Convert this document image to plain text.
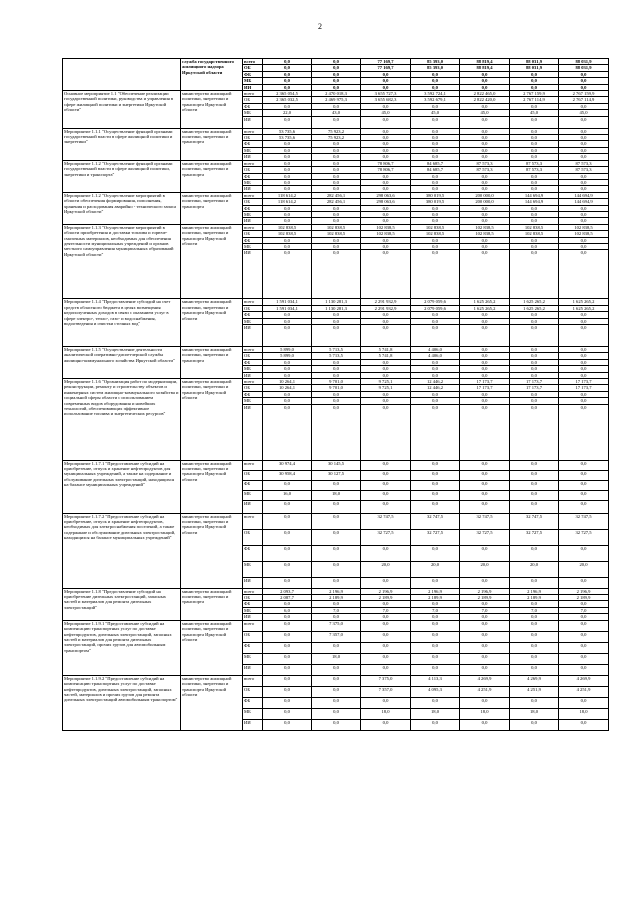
2
	служба государственного жилищного надзора Иркутской области	всего	0,0	0,0	77 169,7	85 393,0	88 819,4	88 031,9	88 031,9
		ОБ	0,0	0,0	77 169,7	85 393,0	88 819,4	88 031,9	88 031,9
		ФБ	0,0	0,0	0,0	0,0	0,0	0,0	0,0
		МБ	0,0	0,0	0,0	0,0	0,0	0,0	0,0
		ИИ	0,0	0,0	0,0	0,0	0,0	0,0	0,0
Основное мероприятие 1.1 "Обеспечение реализации государственной политики, руководства и управления в сфере жилищной политики и энергетики Иркутской области"	министерство жилищной политики, энергетики и транспорта Иркутской области	всего	2 365 054,5	2 470 018,3	3 655 727,3	3 592 724,1	2 822 465,0	2 767 159,9	2 767 159,9
		ОБ	2 365 032,5	2 469 975,3	3 655 682,3	3 592 679,1	2 822 420,0	2 767 114,9	2 767 114,9
		ФБ	0,0	0,0	0,0	0,0	0,0	0,0	0,0
		МБ	22,0	43,0	45,0	45,0	45,0	45,0	45,0
		ИИ	0,0	0,0	0,0	0,0	0,0	0,0	0,0
Мероприятие 1.1.1 "Осуществление функций органами государственной власти в сфере жилищной политики и энергетики"	министерство жилищной политики, энергетики и транспорта	всего	53 735,6	75 923,2	0,0	0,0	0,0	0,0	0,0
		ОБ	53 735,6	75 923,2	0,0	0,0	0,0	0,0	0,0
		ФБ	0,0	0,0	0,0	0,0	0,0	0,0	0,0
		МБ	0,0	0,0	0,0	0,0	0,0	0,0	0,0
		ИИ	0,0	0,0	0,0	0,0	0,0	0,0	0,0
Мероприятие 1.1.2 "Осуществление функций органами государственной власти в сфере жилищной политики, энергетики и транспорта"	министерство жилищной политики, энергетики и транспорта	всего	0,0	0,0	78 806,7	84 685,7	87 573,3	87 573,3	87 573,3
		ОБ	0,0	0,0	78 806,7	84 685,7	87 573,3	87 573,3	87 573,3
		ФБ	0,0	0,0	0,0	0,0	0,0	0,0	0,0
		МБ	0,0	0,0	0,0	0,0	0,0	0,0	0,0
		ИИ	0,0	0,0	0,0	0,0	0,0	0,0	0,0
Мероприятие 1.1.2 "Осуществление мероприятий в области обеспечения формирования, пополнения, хранения и расходования аварийно - технического запаса Иркутской области"	министерство жилищной политики, энергетики и транспорта	всего	118 614,2	282 456,1	298 063,6	380 019,5	200 000,0	144 694,9	144 694,9
		ОБ	118 614,2	282 456,1	298 063,6	380 019,5	200 000,0	144 694,9	144 694,9
		ФБ	0,0	0,0	0,0	0,0	0,0	0,0	0,0
		МБ	0,0	0,0	0,0	0,0	0,0	0,0	0,0
		ИИ	0,0	0,0	0,0	0,0	0,0	0,0	0,0
Мероприятие 1.1.3 "Осуществление мероприятий в области приобретения и доставки топлива и горюче-смазочных материалов, необходимых для обеспечения деятельности муниципальных учреждений и органов местного самоуправления муниципальных образований Иркутской области"	министерство жилищной политики, энергетики и транспорта Иркутской области	всего	102 838,5	102 838,5	102 838,5	102 838,5	102 838,5	102 838,5	102 838,5
		ОБ	102 838,5	102 838,5	102 838,5	102 838,5	102 838,5	102 838,5	102 838,5
		ФБ	0,0	0,0	0,0	0,0	0,0	0,0	0,0
		МБ	0,0	0,0	0,0	0,0	0,0	0,0	0,0
		ИИ	0,0	0,0	0,0	0,0	0,0	0,0	0,0
Мероприятие 1.1.4 "Предоставление субсидий на счет средств областного бюджета в целях возмещения недополученных доходов в связи с оказанием услуг в сфере электро-, тепло-, газо- и водоснабжения, водоотведения и очистки сточных вод"	министерство жилищной политики, энергетики и транспорта Иркутской области	всего	1 591 034,1	1 130 281,3	2 291 932,9	2 079 059,6	1 625 265,2	1 625 265,2	1 625 265,2
		ОБ	1 591 034,1	1 130 281,3	2 291 932,9	2 079 059,6	1 625 265,2	1 625 265,2	1 625 265,2
		ФБ	0,0	0,0	0,0	0,0	0,0	0,0	0,0
		МБ	0,0	0,0	0,0	0,0	0,0	0,0	0,0
		ИИ	0,0	0,0	0,0	0,0	0,0	0,0	0,0
Мероприятие 1.1.5 "Осуществление деятельности аналитической оперативно-диспетчерской службы жилищно-коммунального хозяйства Иркутской области"	министерство жилищной политики, энергетики и транспорта	всего	5 899,0	5 713,5	5 741,8	4 406,0	0,0	0,0	0,0
		ОБ	5 899,0	5 713,5	5 741,8	4 406,0	0,0	0,0	0,0
		ФБ	0,0	0,0	0,0	0,0	0,0	0,0	0,0
		МБ	0,0	0,0	0,0	0,0	0,0	0,0	0,0
		ИИ	0,0	0,0	0,0	0,0	0,0	0,0	0,0
Мероприятие 1.1.6 "Организация работ по модернизации, реконструкции, ремонту и строительству объектов и инженерных систем жилищно-коммунального хозяйства и социальной сферы области с использованием современных видов оборудования и новейших технологий, обеспечивающих эффективное использование топлива и энергетических ресурсов"	министерство жилищной политики, энергетики и транспорта Иркутской области	всего	10 264,1	9 701,0	9 725,1	12 446,2	17 173,7	17 173,7	17 173,7
		ОБ	10 264,1	9 701,0	9 725,1	12 446,2	17 173,7	17 173,7	17 173,7
		ФБ	0,0	0,0	0,0	0,0	0,0	0,0	0,0
		МБ	0,0	0,0	0,0	0,0	0,0	0,0	0,0
		ИИ	0,0	0,0	0,0	0,0	0,0	0,0	0,0
Мероприятие 1.1.7.1 "Предоставление субсидий на приобретение, отпуск и хранение нефтепродуктов для муниципальных учреждений, а также на содержание и обслуживание дизельных электростанций, находящихся на балансе муниципальных учреждений"	министерство жилищной политики, энергетики и транспорта Иркутской области	всего	30 974,4	30 145,5	0,0	0,0	0,0	0,0	0,0
		ОБ	30 958,4	30 127,5	0,0	0,0	0,0	0,0	0,0
		ФБ	0,0	0,0	0,0	0,0	0,0	0,0	0,0
		МБ	16,0	18,0	0,0	0,0	0,0	0,0	0,0
		ИИ	0,0	0,0	0,0	0,0	0,0	0,0	0,0
Мероприятие 1.1.7.2 "Предоставление субсидий на приобретение, отпуск и хранение нефтепродуктов, необходимых для электроснабжения поселений, а также содержание и обслуживание дизельных электростанций, находящихся на балансе муниципальных учреждений"	министерство жилищной политики, энергетики и транспорта Иркутской области	всего	0,0	0,0	32 747,5	32 747,5	32 747,5	32 747,5	32 747,5
		ОБ	0,0	0,0	32 727,5	32 727,5	32 727,5	32 727,5	32 727,5
		ФБ	0,0	0,0	0,0	0,0	0,0	0,0	0,0
		МБ	0,0	0,0	20,0	20,0	20,0	20,0	20,0
		ИИ	0,0	0,0	0,0	0,0	0,0	0,0	0,0
Мероприятие 1.1.8 "Предоставление субсидий на приобретение дизельных электростанций, запасных частей и материалов для ремонта дизельных электростанций"	министерство жилищной политики, энергетики и транспорта	всего	2 093,7	2 196,9	2 196,9	2 196,9	2 196,9	2 196,9	2 196,9
		ОБ	2 087,7	2 189,9	2 189,9	2 189,9	2 189,9	2 189,9	2 189,9
		ФБ	0,0	0,0	0,0	0,0	0,0	0,0	0,0
		МБ	6,0	7,0	7,0	7,0	7,0	7,0	7,0
		ИИ	0,0	0,0	0,0	0,0	0,0	0,0	0,0
Мероприятие 1.1.9.1 "Предоставление субсидий на компенсацию транспортных услуг по доставке нефтепродуктов, дизельных электростанций, запасных частей и материалов для ремонта дизельных электростанций, прочих грузов для автомобильным транспортом"	министерство жилищной политики, энергетики и транспорта Иркутской области	всего	0,0	7 375,0	0,0	0,0	0,0	0,0	0,0
		ОБ	0,0	7 357,0	0,0	0,0	0,0	0,0	0,0
		ФБ	0,0	0,0	0,0	0,0	0,0	0,0	0,0
		МБ	0,0	18,0	0,0	0,0	0,0	0,0	0,0
		ИИ	0,0	0,0	0,0	0,0	0,0	0,0	0,0
Мероприятие 1.1.9.2 "Предоставление субсидий на компенсацию транспортных услуг по доставке нефтепродуктов, дизельных электростанций, запасных частей, материалов и прочих грузов для ремонта дизельных электростанций автомобильным транспортом"	министерство жилищной политики, энергетики и транспорта Иркутской области	всего	0,0	0,0	7 375,0	4 113,3	4 269,9	4 269,9	4 269,9
		ОБ	0,0	0,0	7 357,0	4 095,3	4 251,9	4 251,9	4 251,9
		ФБ	0,0	0,0	0,0	0,0	0,0	0,0	0,0
		МБ	0,0	0,0	18,0	18,0	18,0	18,0	18,0
		ИИ	0,0	0,0	0,0	0,0	0,0	0,0	0,0
